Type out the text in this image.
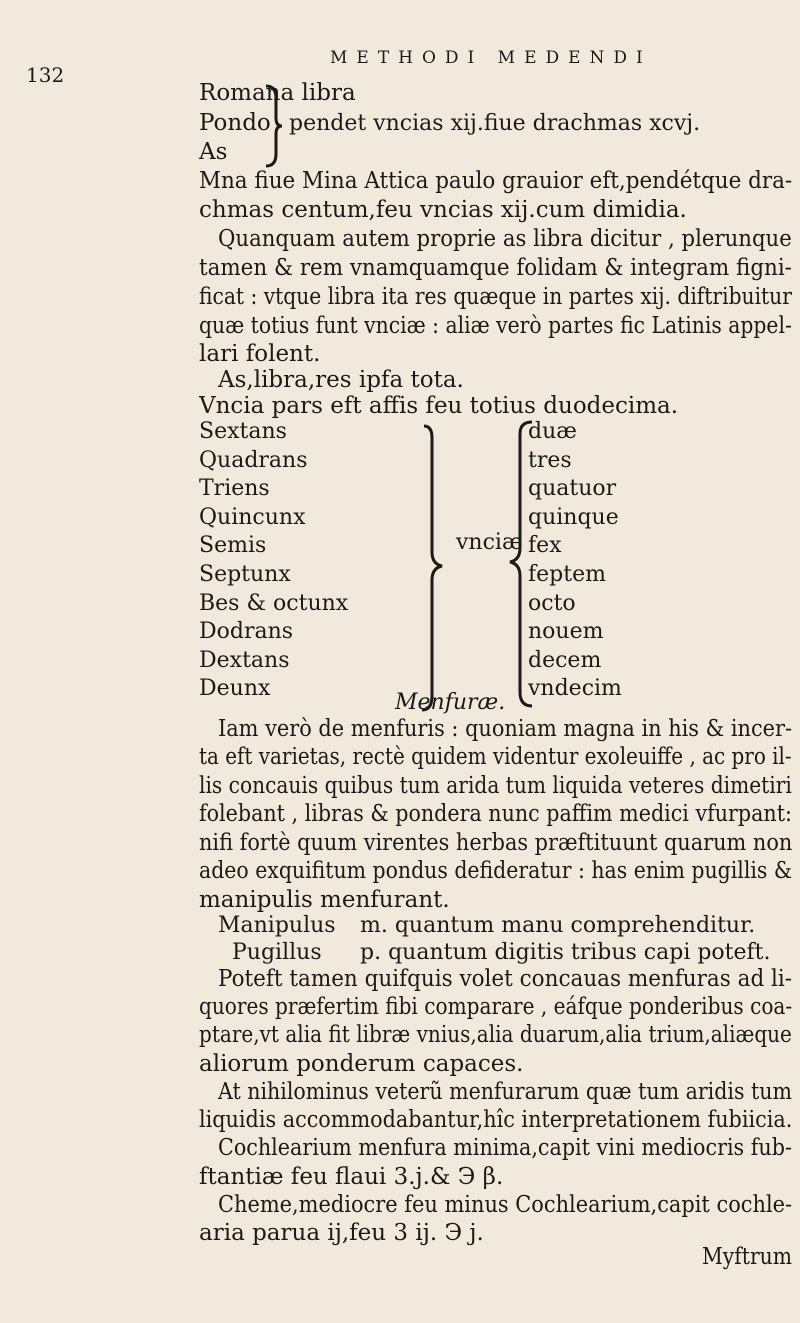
132
METHODI MEDENDI
Romana libra
Pondo
As
pendet vncias xij.fiue drachmas xcvj.
Mna fiue Mina Attica paulo grauior eft,pendétque dra-
chmas centum,feu vncias xij.cum dimidia.
Quanquam autem proprie as libra dicitur , plerunque
tamen & rem vnamquamque folidam & integram figni-
ficat : vtque libra ita res quæque in partes xij. diftribuitur
quæ totius funt vnciæ : aliæ verò partes fic Latinis appel-
lari folent.
As,libra,res ipfa tota.
Vncia pars eft affis feu totius duodecima.
Sextans
Quadrans
Triens
Quincunx
Semis
Septunx
Bes & octunx
Dodrans
Dextans
Deunx
vnciæ
duæ
tres
quatuor
quinque
fex
feptem
octo
nouem
decem
vndecim
Menfuræ.
Iam verò de menfuris : quoniam magna in his & incer-
ta eft varietas, rectè quidem videntur exoleuiffe , ac pro il-
lis concauis quibus tum arida tum liquida veteres dimetiri
folebant , libras & pondera nunc paffim medici vfurpant:
nifi fortè quum virentes herbas præftituunt quarum non
adeo exquifitum pondus defideratur : has enim pugillis &
manipulis menfurant.
Manipulus m. quantum manu comprehenditur.
Pugillus p. quantum digitis tribus capi poteft.
Poteft tamen quifquis volet concauas menfuras ad li-
quores præfertim fibi comparare , eáfque ponderibus coa-
ptare,vt alia fit libræ vnius,alia duarum,alia trium,aliæque
aliorum ponderum capaces.
At nihilominus veterũ menfurarum quæ tum aridis tum
liquidis accommodabantur,hîc interpretationem fubiicia.
Cochlearium menfura minima,capit vini mediocris fub-
ftantiæ feu flaui 3.j.& Э β.
Cheme,mediocre feu minus Cochlearium,capit cochle-
aria parua ij,feu 3 ij. Э j.
Myftrum
